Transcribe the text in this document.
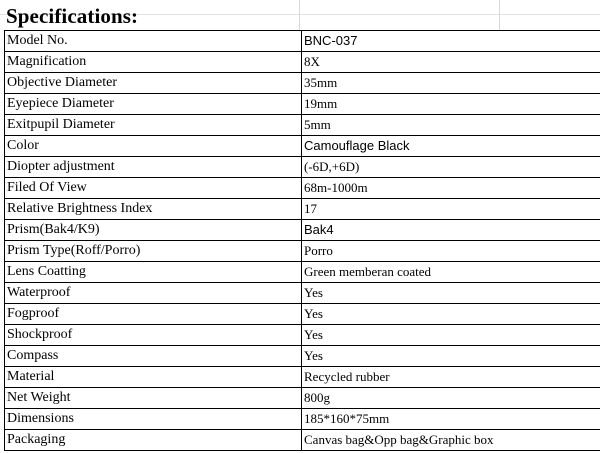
Specifications:
Model No.	BNC-037
Magnification	8X
Objective Diameter	35mm
Eyepiece Diameter	19mm
Exitpupil Diameter	5mm
Color	Camouflage Black
Diopter adjustment	(-6D,+6D)
Filed Of View	68m-1000m
Relative Brightness Index	17
Prism(Bak4/K9)	Bak4
Prism Type(Roff/Porro)	Porro
Lens Coatting	Green memberan coated
Waterproof	Yes
Fogproof	Yes
Shockproof	Yes
Compass	Yes
Material	Recycled rubber
Net Weight	800g
Dimensions	185*160*75mm
Packaging	Canvas bag&Opp bag&Graphic box
